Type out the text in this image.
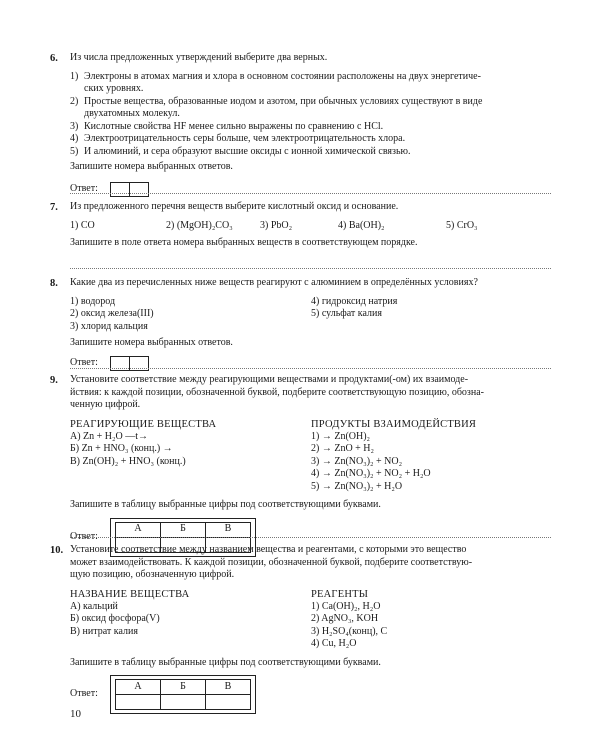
6. Из числа предложенных утверждений выберите два верных.
1) Электроны в атомах магния и хлора в основном состоянии расположены на двух энергетиче-
ских уровнях.
2) Простые вещества, образованные иодом и азотом, при обычных условиях существуют в виде
двухатомных молекул.
3) Кислотные свойства HF менее сильно выражены по сравнению с HCl.
4) Электроотрицательность серы больше, чем электроотрицательность хлора.
5) И алюминий, и сера образуют высшие оксиды с ионной химической связью.
Запишите номера выбранных ответов.
Ответ:
7. Из предложенного перечня веществ выберите кислотный оксид и основание.
1) CO	2) (MgOH)₂CO₃	3) PbO₂	4) Ba(OH)₂	5) CrO₃
Запишите в поле ответа номера выбранных веществ в соответствующем порядке.
8. Какие два из перечисленных ниже веществ реагируют с алюминием в определённых условиях?
1) водород
2) оксид железа(III)
3) хлорид кальция
4) гидроксид натрия
5) сульфат калия
Запишите номера выбранных ответов.
Ответ:
9. Установите соответствие между реагирующими веществами и продуктами(-ом) их взаимоде-
йствия: к каждой позиции, обозначенной буквой, подберите соответствующую позицию, обозна-
ченную цифрой.
РЕАГИРУЮЩИЕ ВЕЩЕСТВА
А) Zn + H₂O —t→
Б) Zn + HNO₃ (конц.) →
В) Zn(OH)₂ + HNO₃ (конц.)
ПРОДУКТЫ ВЗАИМОДЕЙСТВИЯ
1) → Zn(OH)₂
2) → ZnO + H₂
3) → Zn(NO₃)₂ + NO₂
4) → Zn(NO₃)₂ + NO₂ + H₂O
5) → Zn(NO₃)₂ + H₂O
Запишите в таблицу выбранные цифры под соответствующими буквами.
Ответ:
А	Б	В

10. Установите соответствие между названием вещества и реагентами, с которыми это вещество
может взаимодействовать. К каждой позиции, обозначенной буквой, подберите соответствую-
щую позицию, обозначенную цифрой.
НАЗВАНИЕ ВЕЩЕСТВА
А) кальций
Б) оксид фосфора(V)
В) нитрат калия
РЕАГЕНТЫ
1) Ca(OH)₂, H₂O
2) AgNO₃, KOH
3) H₂SO₄(конц), C
4) Cu, H₂O
Запишите в таблицу выбранные цифры под соответствующими буквами.
Ответ:
А	Б	В

10
